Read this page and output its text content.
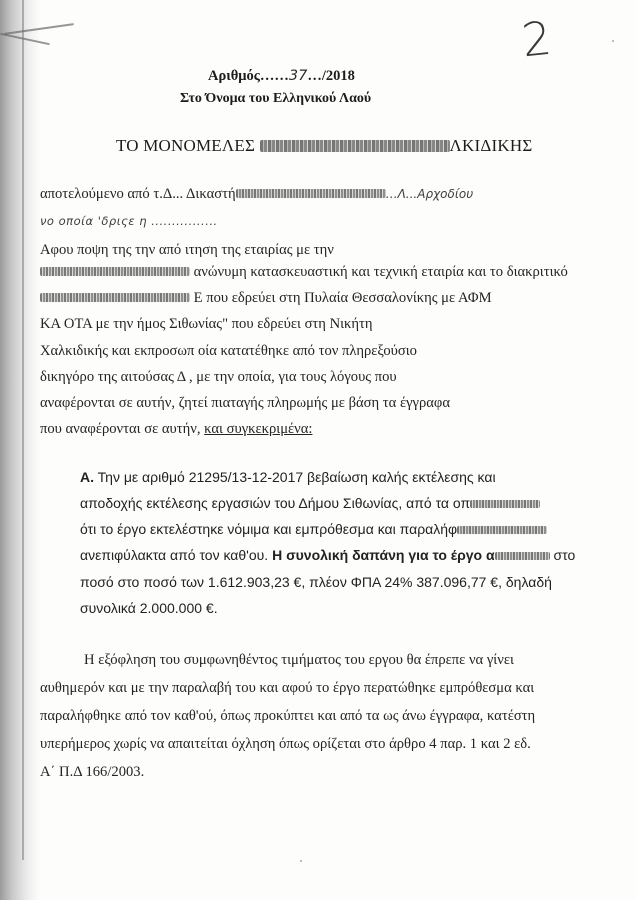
2
Αριθμός……37…/2018
Στο Όνομα του Ελληνικού Λαού
ΤΟ ΜΟΝΟΜΕΛΕΣ	ΛΚΙΔΙΚΗΣ
αποτελούμενο από τ.Δ... Δικαστή	…Λ...Αρχοδίου
νο οποία 'δριςε η ................
Αφου ποψη της την από ιτηση της εταιρίας με την
ανώνυμη κατασκευαστική και τεχνική εταιρία και το διακριτικό
Ε που εδρεύει στη Πυλαία Θεσσαλονίκης με ΑΦΜ
ΚΑ ΟΤΑ με την ήμος Σιθωνίας" που εδρεύει στη Νικήτη
Χαλκιδικής και εκπροσωπ οία κατατέθηκε από τον πληρεξούσιο
δικηγόρο της αιτούσας Δ , με την οποία, για τους λόγους που
αναφέρονται σε αυτήν, ζητεί πιαταγής πληρωμής με βάση τα έγγραφα
που αναφέρονται σε αυτήν, και συγκεκριμένα:
Α. Την με αριθμό 21295/13-12-2017 βεβαίωση καλής εκτέλεσης και
αποδοχής εκτέλεσης εργασιών του Δήμου Σιθωνίας, από τα οπ
ότι το έργο εκτελέστηκε νόμιμα και εμπρόθεσμα και παραλήφ
ανεπιφύλακτα από τον καθ'ου. Η συνολική δαπάνη για το έργο α	στο
ποσό στο ποσό των 1.612.903,23 €, πλέον ΦΠΑ 24% 387.096,77 €, δηλαδή
συνολικά 2.000.000 €.
Η εξόφληση του συμφωνηθέντος τιμήματος του εργου θα έπρεπε να γίνει
αυθημερόν και με την παραλαβή του και αφού το έργο περατώθηκε εμπρόθεσμα και
παραλήφθηκε από τον καθ'ού, όπως προκύπτει και από τα ως άνω έγγραφα, κατέστη
υπερήμερος χωρίς να απαιτείται όχληση όπως ορίζεται στο άρθρο 4 παρ. 1 και 2 εδ.
Α΄ Π.Δ 166/2003.
